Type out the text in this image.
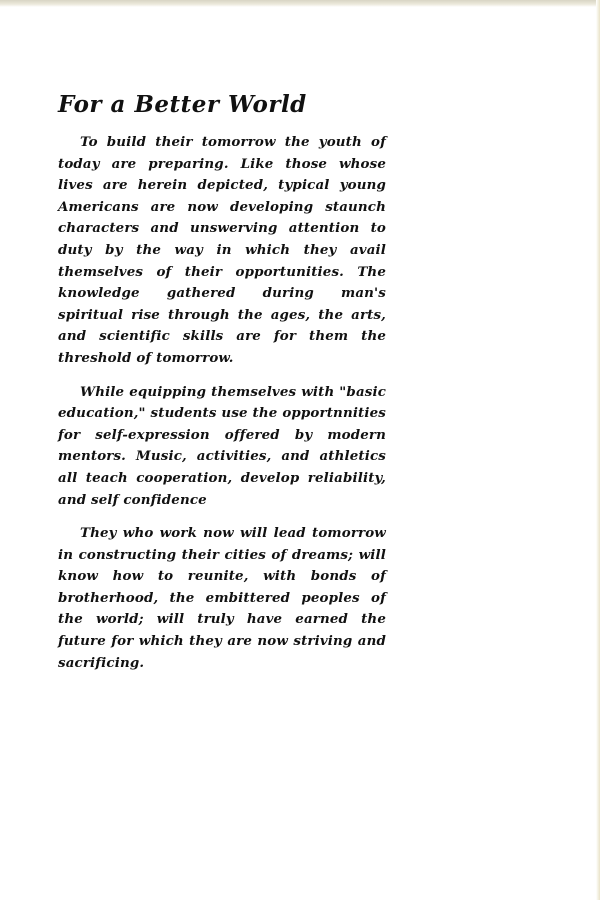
For a Better World

To build their tomorrow the youth of today are preparing. Like those whose lives are herein depicted, typical young Americans are now developing staunch characters and unswerving attention to duty by the way in which they avail themselves of their opportunities. The knowledge gathered during man's spiritual rise through the ages, the arts, and scientific skills are for them the threshold of tomorrow.

While equipping themselves with "basic education," students use the opportnnities for self-expression offered by modern mentors. Music, activities, and athletics all teach cooperation, develop reliability, and self confidence

They who work now will lead tomorrow in constructing their cities of dreams; will know how to reunite, with bonds of brotherhood, the embittered peoples of the world; will truly have earned the future for which they are now striving and sacrificing.
